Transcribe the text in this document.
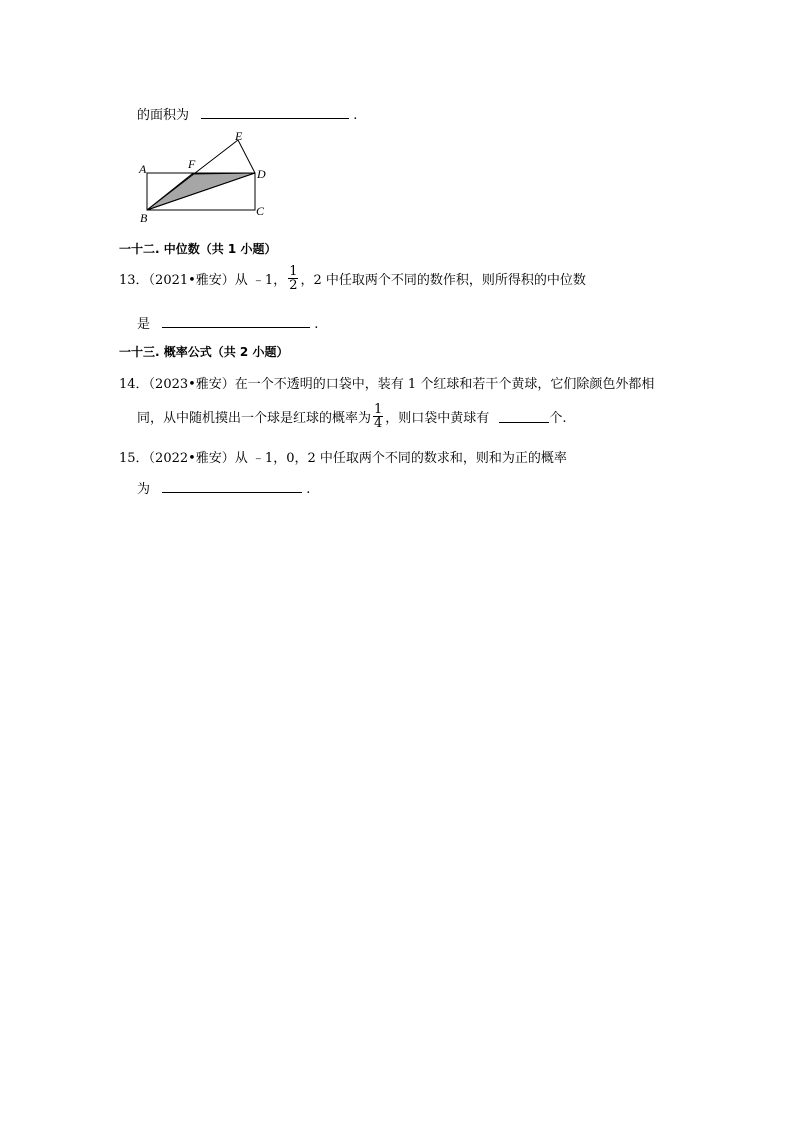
的面积为	.
A
B	C
D
E
F
一十二. 中位数（共 1 小题）
13．（2021•雅安）从 ﹣1， $\frac{1}{2}$ ，2 中任取两个不同的数作积，则所得积的中位数
是	.
一十三. 概率公式（共 2 小题）
14．（2023•雅安）在一个不透明的口袋中，装有 1 个红球和若干个黄球，它们除颜色外都相
同，从中随机摸出一个球是红球的概率为 $\frac{1}{4}$ ，则口袋中黄球有	个.
15．（2022•雅安）从 ﹣1，0，2 中任取两个不同的数求和，则和为正的概率
为	.
